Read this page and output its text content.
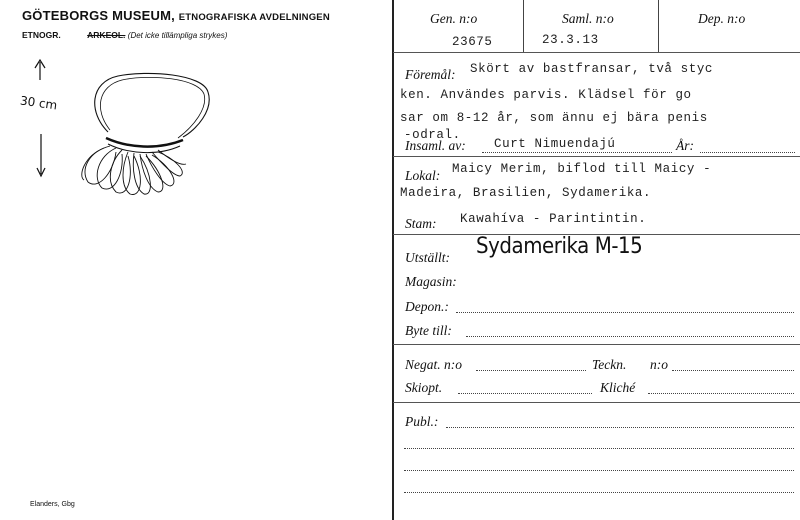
GÖTEBORGS MUSEUM, ETNOGRAFISKA AVDELNINGEN
ETNOGR.	ARKEOL. (Det icke tillämpliga strykes)
30 cm
Elanders, Gbg
Gen. n:o
23675
Saml. n:o
23.3.13
Dep. n:o
Föremål: Skört av bastfransar, två styc
ken. Användes parvis. Klädsel för go
sar om 8-12 år, som ännu ej bära penis
-odral.
Insaml. av: Curt Nimuendajú	År:
Lokal: Maicy Merim, biflod till Maicy -
Madeira, Brasilien, Sydamerika.
Stam: Kawahíva - Parintintin.
Utställt: Sydamerika M-15
Magasin:
Depon.:
Byte till:
Negat. n:o	Teckn. n:o
Skiopt.	Kliché
Publ.:
